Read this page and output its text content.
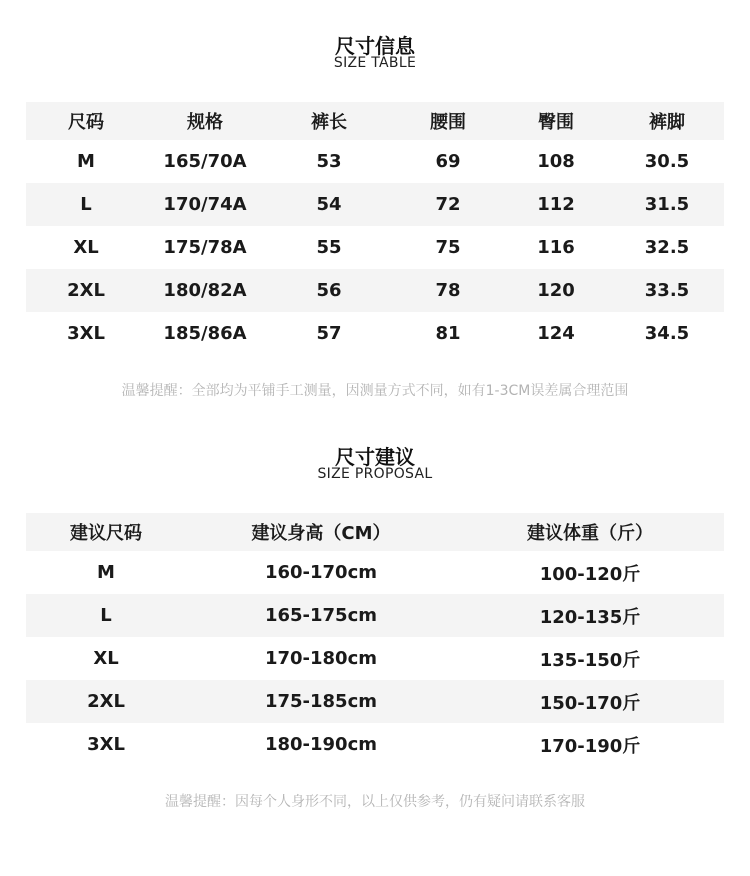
尺寸信息
SIZE TABLE
尺码	规格	裤长	腰围	臀围	裤脚
M	165/70A	53	69	108	30.5
L	170/74A	54	72	112	31.5
XL	175/78A	55	75	116	32.5
2XL	180/82A	56	78	120	33.5
3XL	185/86A	57	81	124	34.5
温馨提醒：全部均为平铺手工测量，因测量方式不同，如有1-3CM误差属合理范围
尺寸建议
SIZE PROPOSAL
建议尺码	建议身高（CM）	建议体重（斤）
M	160-170cm	100-120斤
L	165-175cm	120-135斤
XL	170-180cm	135-150斤
2XL	175-185cm	150-170斤
3XL	180-190cm	170-190斤
温馨提醒：因每个人身形不同，以上仅供参考，仍有疑问请联系客服
